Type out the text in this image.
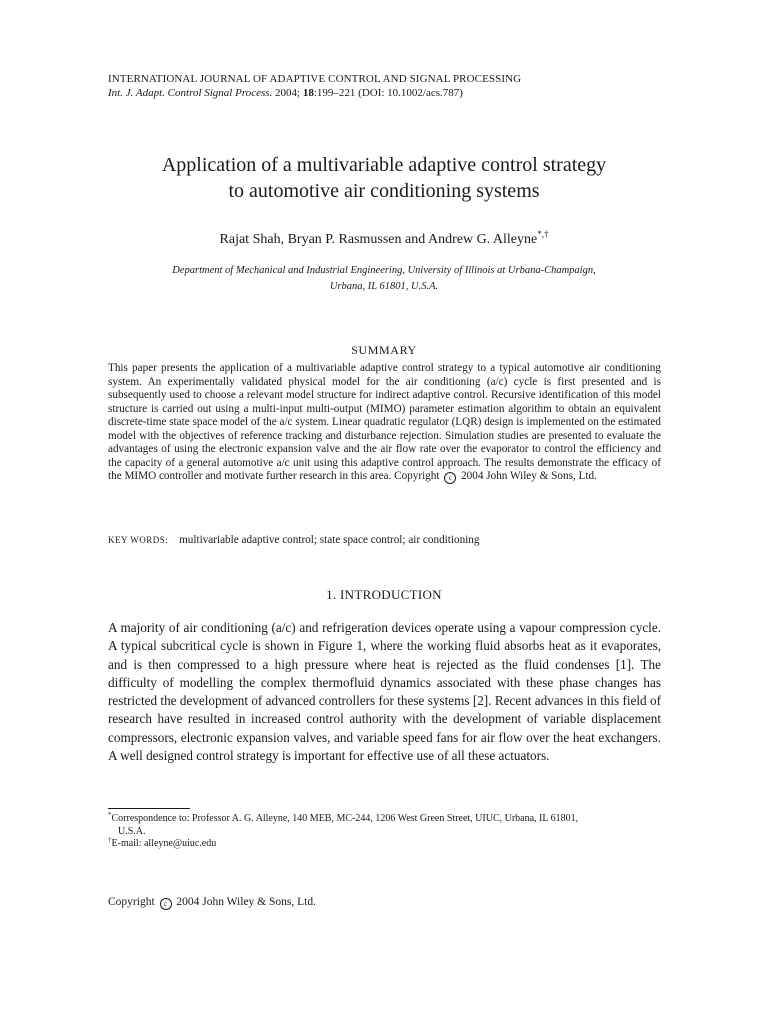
INTERNATIONAL JOURNAL OF ADAPTIVE CONTROL AND SIGNAL PROCESSING
Int. J. Adapt. Control Signal Process. 2004; 18:199–221 (DOI: 10.1002/acs.787)
Application of a multivariable adaptive control strategy
to automotive air conditioning systems
Rajat Shah, Bryan P. Rasmussen and Andrew G. Alleyne*,†
Department of Mechanical and Industrial Engineering, University of Illinois at Urbana-Champaign,
Urbana, IL 61801, U.S.A.
SUMMARY
This paper presents the application of a multivariable adaptive control strategy to a typical automotive air conditioning system. An experimentally validated physical model for the air conditioning (a/c) cycle is first presented and is subsequently used to choose a relevant model structure for indirect adaptive control. Recursive identification of this model structure is carried out using a multi-input multi-output (MIMO) parameter estimation algorithm to obtain an equivalent discrete-time state space model of the a/c system. Linear quadratic regulator (LQR) design is implemented on the estimated model with the objectives of reference tracking and disturbance rejection. Simulation studies are presented to evaluate the advantages of using the electronic expansion valve and the air flow rate over the evaporator to control the efficiency and the capacity of a general automotive a/c unit using this adaptive control approach. The results demonstrate the efficacy of the MIMO controller and motivate further research in this area. Copyright c 2004 John Wiley & Sons, Ltd.
KEY WORDS: multivariable adaptive control; state space control; air conditioning
1. INTRODUCTION
A majority of air conditioning (a/c) and refrigeration devices operate using a vapour compression cycle. A typical subcritical cycle is shown in Figure 1, where the working fluid absorbs heat as it evaporates, and is then compressed to a high pressure where heat is rejected as the fluid condenses [1]. The difficulty of modelling the complex thermofluid dynamics associated with these phase changes has restricted the development of advanced controllers for these systems [2]. Recent advances in this field of research have resulted in increased control authority with the development of variable displacement compressors, electronic expansion valves, and variable speed fans for air flow over the heat exchangers. A well designed control strategy is important for effective use of all these actuators.
*Correspondence to: Professor A. G. Alleyne, 140 MEB, MC-244, 1206 West Green Street, UIUC, Urbana, IL 61801,
U.S.A.
†E-mail: alleyne@uiuc.edu
Copyright c 2004 John Wiley & Sons, Ltd.
